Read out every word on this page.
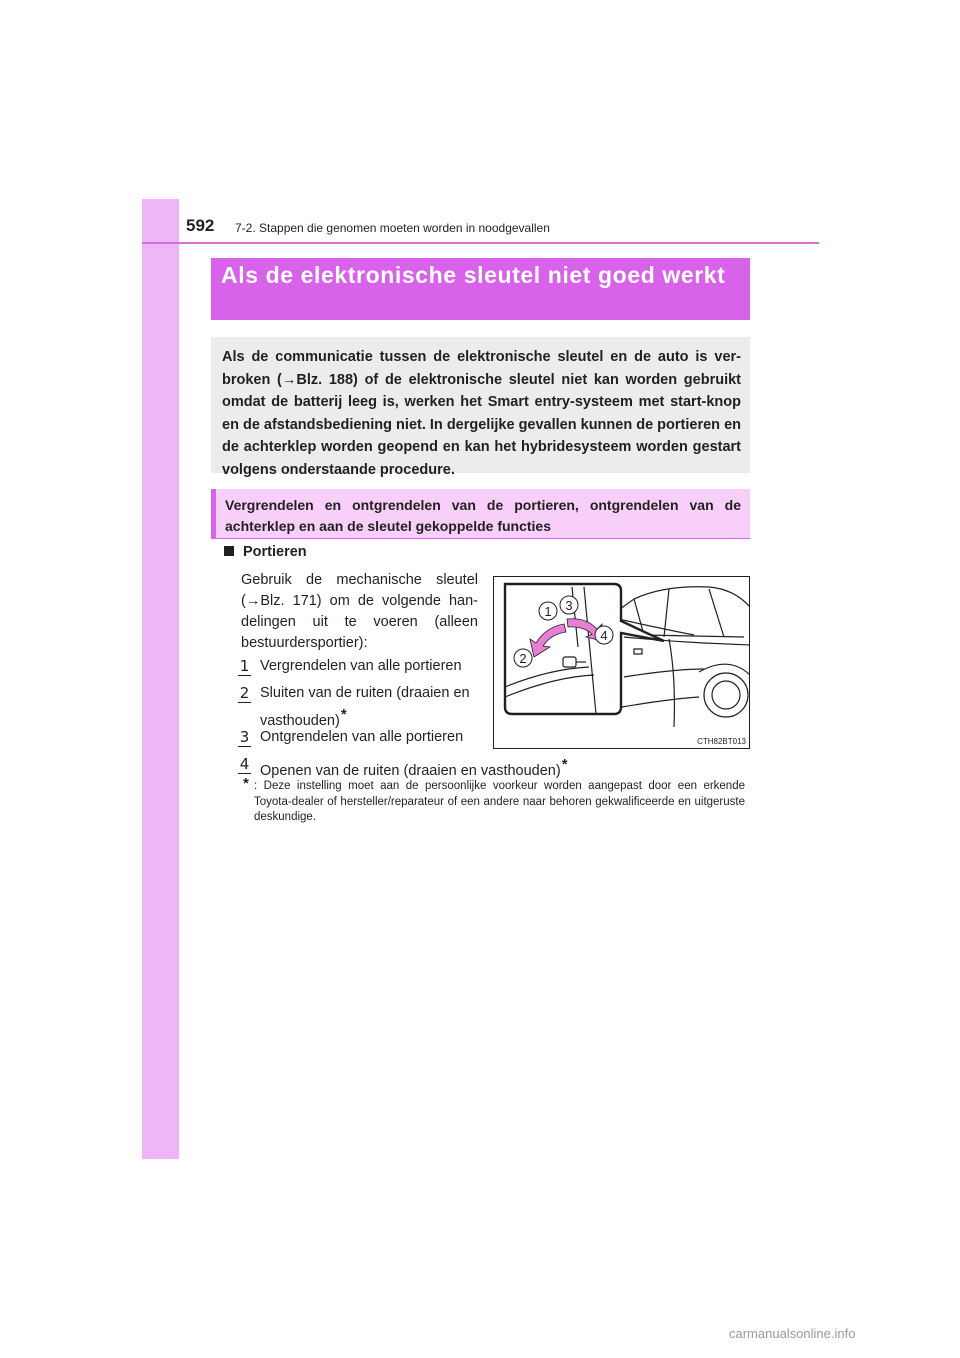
592 7-2. Stappen die genomen moeten worden in noodgevallen
Als de elektronische sleutel niet goed werkt

Als de communicatie tussen de elektronische sleutel en de auto is ver-broken (→Blz. 188) of de elektronische sleutel niet kan worden gebruikt omdat de batterij leeg is, werken het Smart entry-systeem met start-knop en de afstandsbediening niet. In dergelijke gevallen kunnen de portieren en de achterklep worden geopend en kan het hybridesysteem worden gestart volgens onderstaande procedure.

Vergrendelen en ontgrendelen van de portieren, ontgrendelen van de achterklep en aan de sleutel gekoppelde functies

Portieren

Gebruik de mechanische sleutel (→Blz. 171) om de volgende han-delingen uit te voeren (alleen bestuurdersportier):

1 Vergrendelen van alle portieren
2 Sluiten van de ruiten (draaien en vasthouden)*
3 Ontgrendelen van alle portieren
4 Openen van de ruiten (draaien en vasthouden)*
1 3
2
4
CTH82BT013
* : Deze instelling moet aan de persoonlijke voorkeur worden aangepast door een erkende Toyota-dealer of hersteller/reparateur of een andere naar behoren gekwalificeerde en uitgeruste deskundige.

carmanualsonline.info
